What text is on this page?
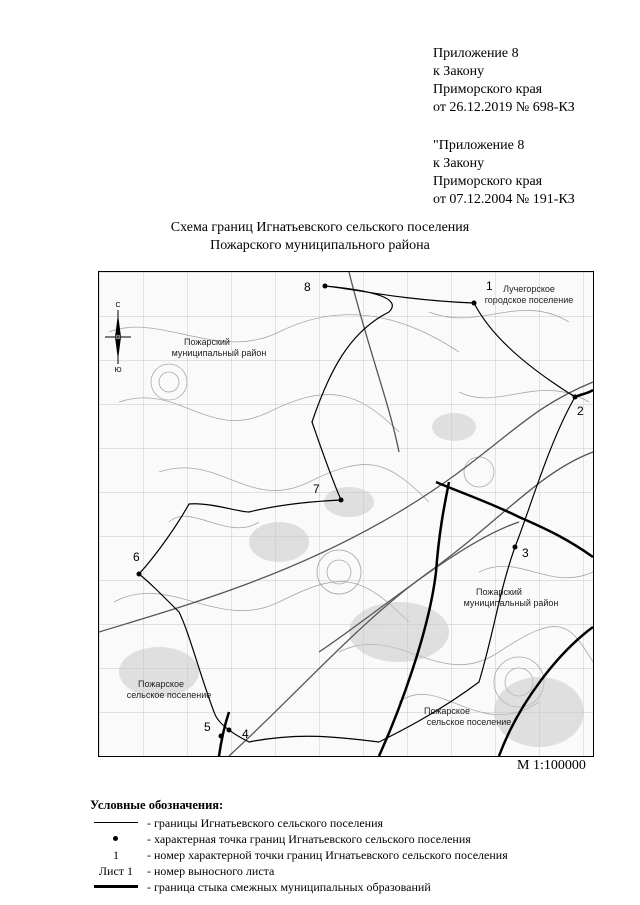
Приложение 8
к Закону
Приморского края
от 26.12.2019 № 698-КЗ

"Приложение 8
к Закону
Приморского края
от 07.12.2004 № 191-КЗ

Схема границ Игнатьевского сельского поселения
Пожарского муниципального района
С
Ю
Пожарский
муниципальный район
Лучегорское
городское поселение
Пожарский
муниципальный район
Пожарское
сельское поселение
Пожарское
сельское поселение
1
2
3
4
5
6
7
8
М 1:100000
Условные обозначения:
- границы Игнатьевского сельского поселения
- характерная точка границ Игнатьевского сельского поселения
1	- номер характерной точки границ Игнатьевского сельского поселения
Лист 1	- номер выносного листа
- граница стыка смежных муниципальных образований
